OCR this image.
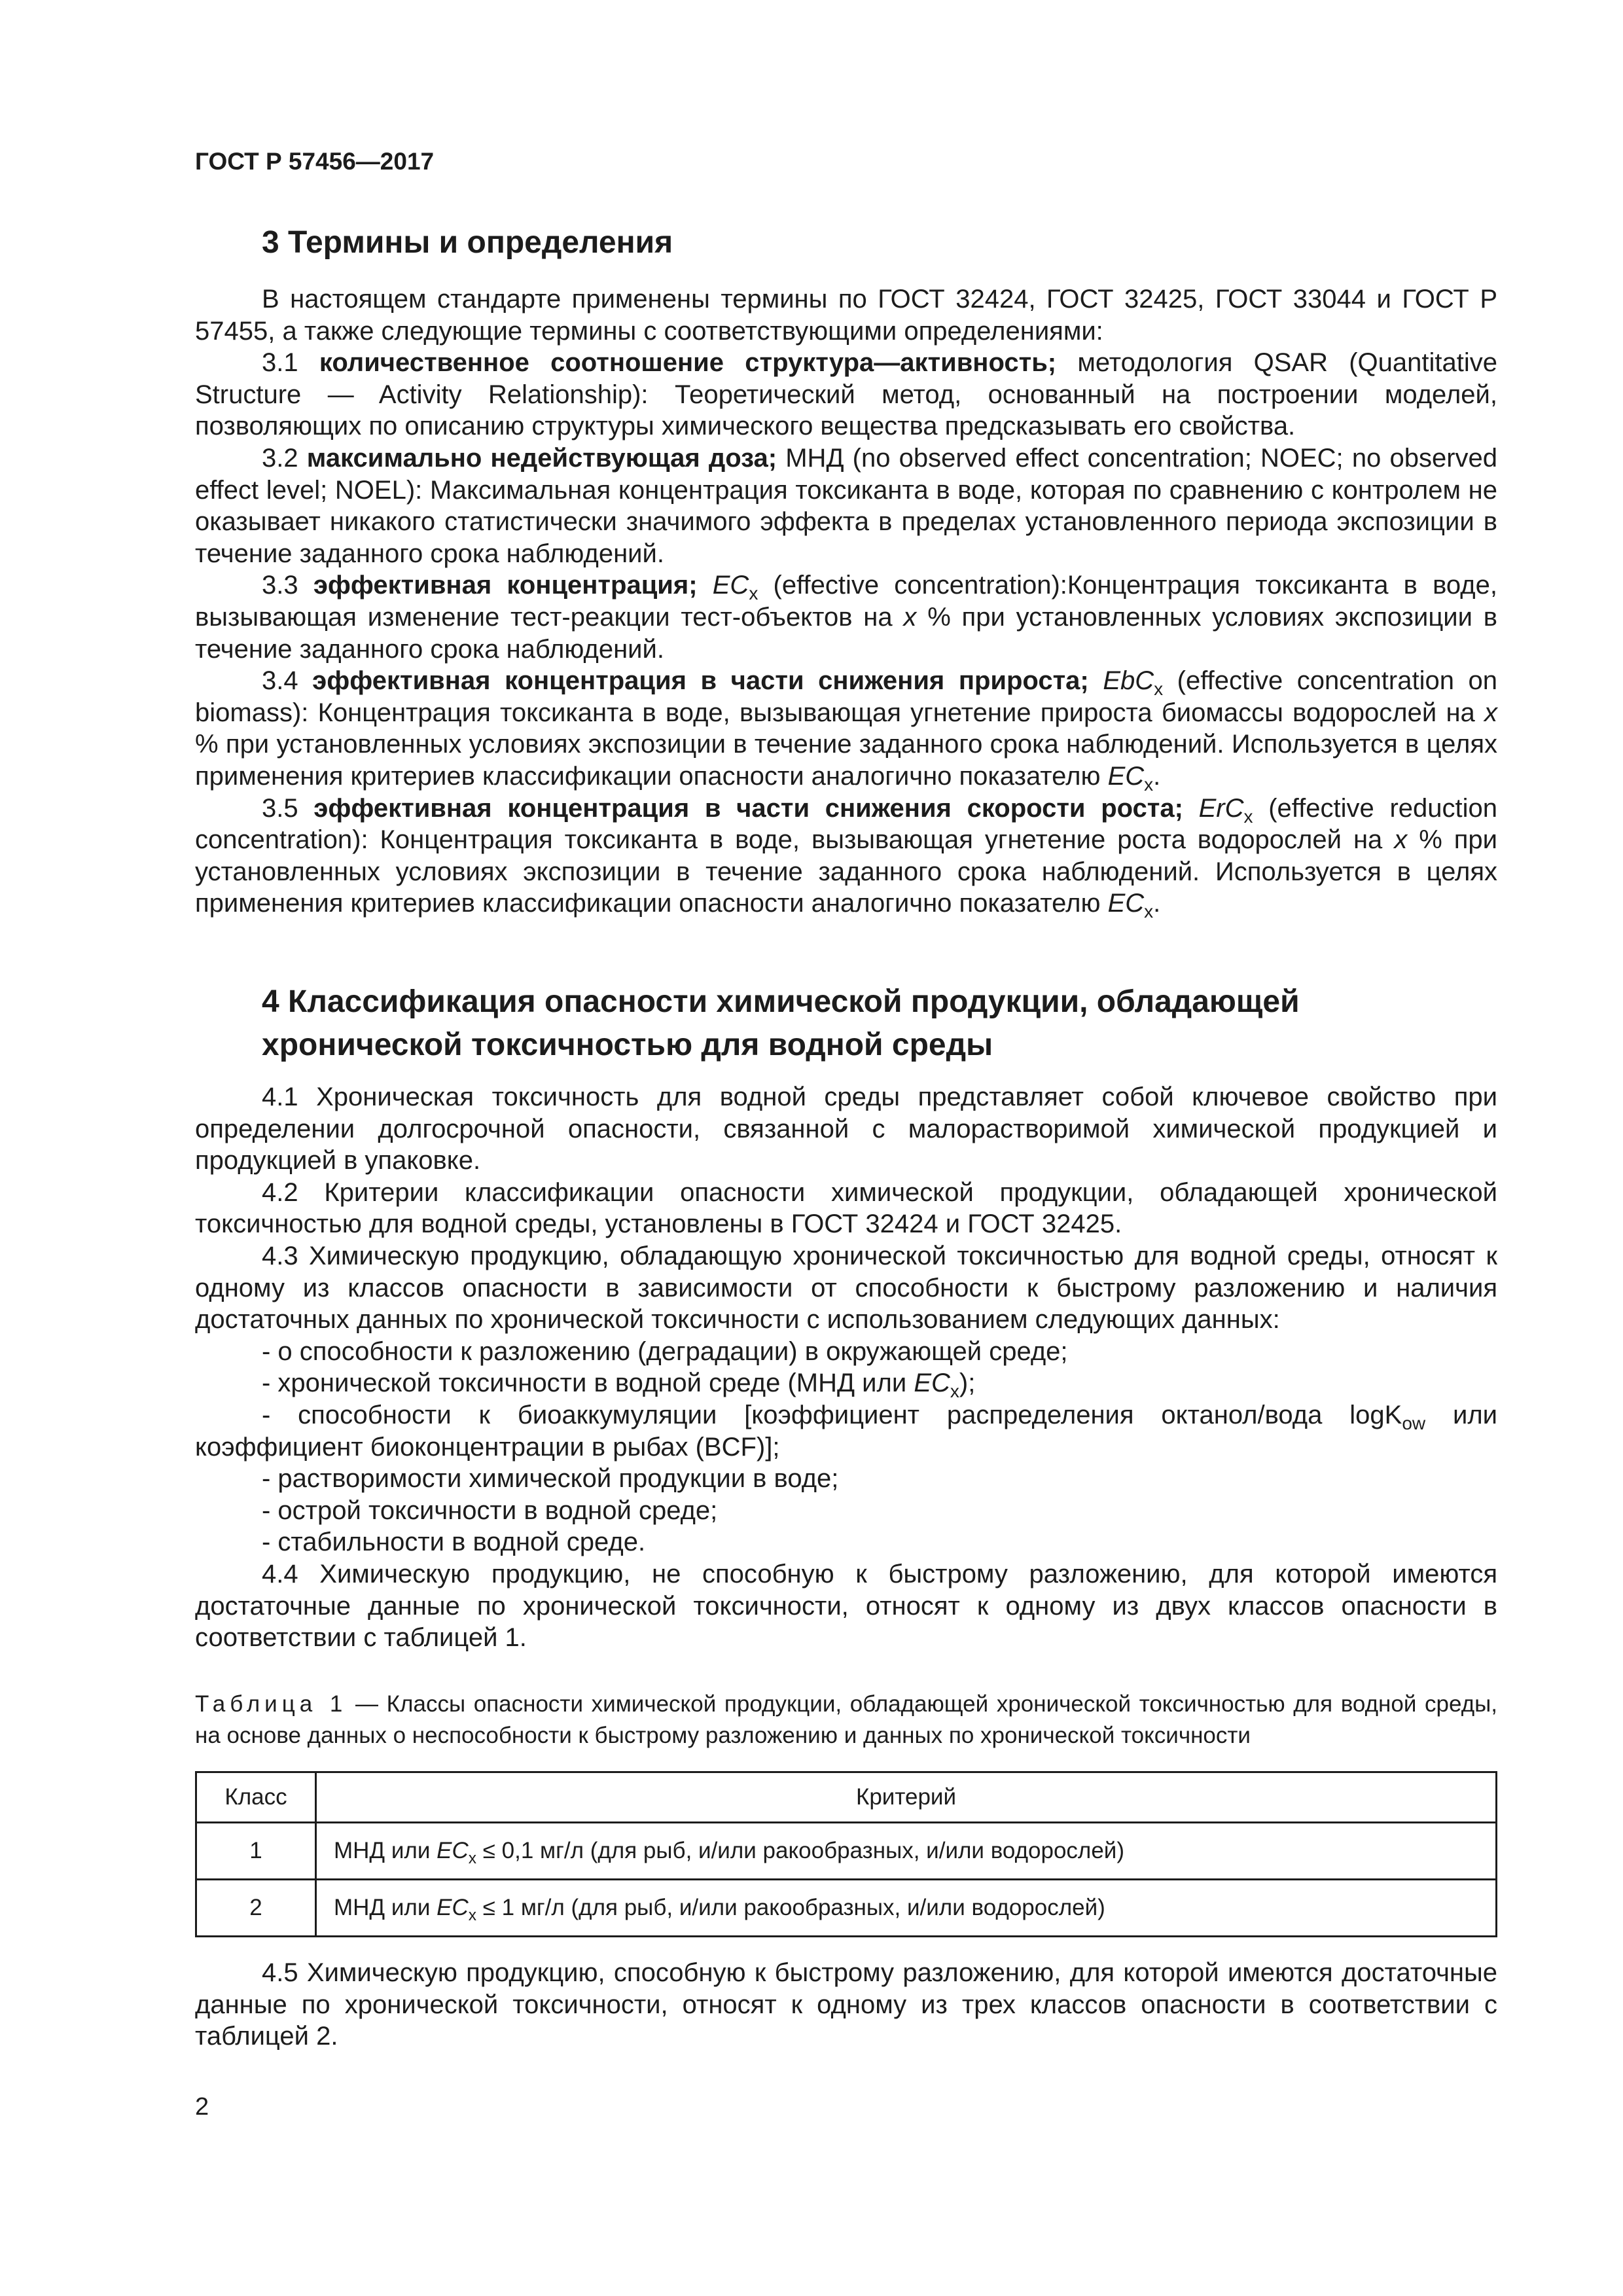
ГОСТ Р 57456—2017
3 Термины и определения

В настоящем стандарте применены термины по ГОСТ 32424, ГОСТ 32425, ГОСТ 33044 и ГОСТ Р 57455, а также следующие термины с соответствующими определениями:

3.1 количественное соотношение структура—активность; методология QSAR (Quantitative Structure — Activity Relationship): Теоретический метод, основанный на построении моделей, позволяющих по описанию структуры химического вещества предсказывать его свойства.

3.2 максимально недействующая доза; МНД (no observed effect concentration; NOEC; no observed effect level; NOEL): Максимальная концентрация токсиканта в воде, которая по сравнению с контролем не оказывает никакого статистически значимого эффекта в пределах установленного периода экспозиции в течение заданного срока наблюдений.

3.3 эффективная концентрация; $EC_x$ (effective concentration):Концентрация токсиканта в воде, вызывающая изменение тест-реакции тест-объектов на x % при установленных условиях экспозиции в течение заданного срока наблюдений.

3.4 эффективная концентрация в части снижения прироста; EbC$_x$ (effective concentration on biomass): Концентрация токсиканта в воде, вызывающая угнетение прироста биомассы водорослей на x % при установленных условиях экспозиции в течение заданного срока наблюдений. Используется в целях применения критериев классификации опасности аналогично показателю $EC_x$.

3.5 эффективная концентрация в части снижения скорости роста; ErC$_x$ (effective reduction concentration): Концентрация токсиканта в воде, вызывающая угнетение роста водорослей на x % при установленных условиях экспозиции в течение заданного срока наблюдений. Используется в целях применения критериев классификации опасности аналогично показателю $EC_x$.

4 Классификация опасности химической продукции, обладающей
хронической токсичностью для водной среды

4.1 Хроническая токсичность для водной среды представляет собой ключевое свойство при определении долгосрочной опасности, связанной с малорастворимой химической продукцией и продукцией в упаковке.

4.2 Критерии классификации опасности химической продукции, обладающей хронической токсичностью для водной среды, установлены в ГОСТ 32424 и ГОСТ 32425.

4.3 Химическую продукцию, обладающую хронической токсичностью для водной среды, относят к одному из классов опасности в зависимости от способности к быстрому разложению и наличия достаточных данных по хронической токсичности с использованием следующих данных:

- о способности к разложению (деградации) в окружающей среде;

- хронической токсичности в водной среде (МНД или $EC_x$);

- способности к биоаккумуляции [коэффициент распределения октанол/вода logK$_{ow}$ или коэффициент биоконцентрации в рыбах (BCF)];

- растворимости химической продукции в воде;

- острой токсичности в водной среде;

- стабильности в водной среде.

4.4 Химическую продукцию, не способную к быстрому разложению, для которой имеются достаточные данные по хронической токсичности, относят к одному из двух классов опасности в соответствии с таблицей 1.

Таблица 1 — Классы опасности химической продукции, обладающей хронической токсичностью для водной среды, на основе данных о неспособности к быстрому разложению и данных по хронической токсичности
Класс	Критерий
1	МНД или $EC_x \le 0,1$ мг/л (для рыб, и/или ракообразных, и/или водорослей)
2	МНД или $EC_x \le 1$ мг/л (для рыб, и/или ракообразных, и/или водорослей)

4.5 Химическую продукцию, способную к быстрому разложению, для которой имеются достаточные данные по хронической токсичности, относят к одному из трех классов опасности в соответствии с таблицей 2.

2
